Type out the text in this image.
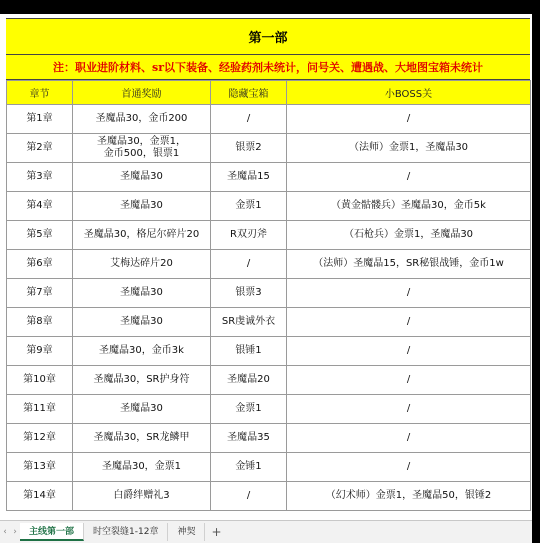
第一部
注：职业进阶材料、sr以下装备、经验药剂未统计，问号关、遭遇战、大地图宝箱未统计
章节	首通奖励	隐藏宝箱	小BOSS关
第1章	圣魔晶30，金币200	/	/
第2章	圣魔晶30，金票1，
金币500，银票1	银票2	（法师）金票1，圣魔晶30
第3章	圣魔晶30	圣魔晶15	/
第4章	圣魔晶30	金票1	（黄金骷髅兵）圣魔晶30，金币5k
第5章	圣魔晶30，格尼尔碎片20	R双刃斧	（石枪兵）金票1，圣魔晶30
第6章	艾梅达碎片20	/	（法师）圣魔晶15，SR秘银战锤，金币1w
第7章	圣魔晶30	银票3	/
第8章	圣魔晶30	SR虔诚外衣	/
第9章	圣魔晶30，金币3k	银锤1	/
第10章	圣魔晶30，SR护身符	圣魔晶20	/
第11章	圣魔晶30	金票1	/
第12章	圣魔晶30，SR龙鳞甲	圣魔晶35	/
第13章	圣魔晶30，金票1	金锤1	/
第14章	白爵绊赠礼3	/	（幻术师）金票1，圣魔晶50，银锤2
‹ ›	主线第一部	时空裂缝1-12章	神契	+
